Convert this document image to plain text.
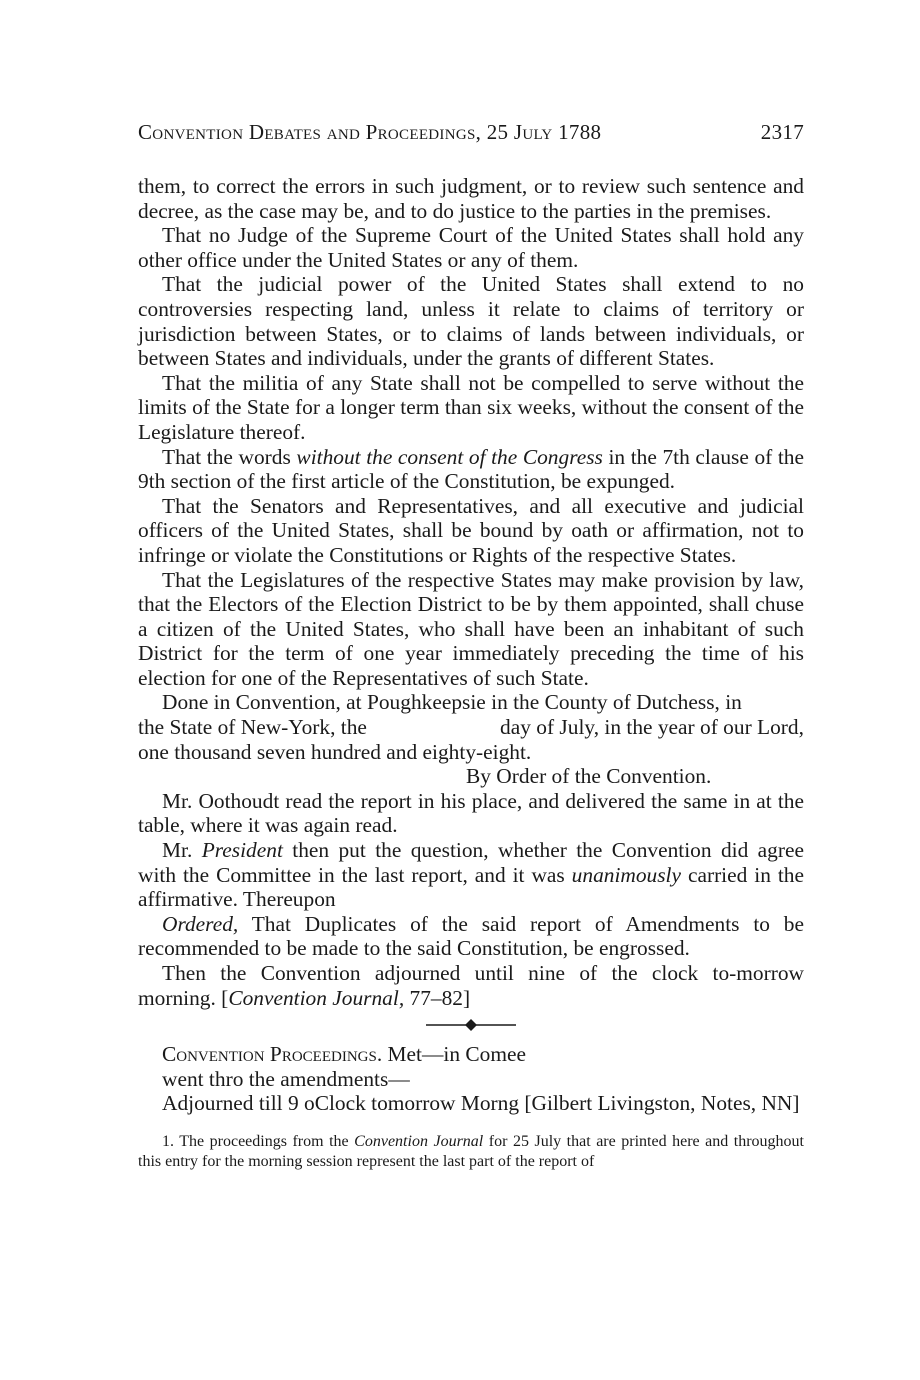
Convention Debates and Proceedings, 25 July 1788	2317

them, to correct the errors in such judgment, or to review such sentence and decree, as the case may be, and to do justice to the parties in the premises.

That no Judge of the Supreme Court of the United States shall hold any other office under the United States or any of them.

That the judicial power of the United States shall extend to no controversies respecting land, unless it relate to claims of territory or jurisdiction between States, or to claims of lands between individuals, or between States and individuals, under the grants of different States.

That the militia of any State shall not be compelled to serve without the limits of the State for a longer term than six weeks, without the consent of the Legislature thereof.

That the words without the consent of the Congress in the 7th clause of the 9th section of the first article of the Constitution, be expunged.

That the Senators and Representatives, and all executive and judicial officers of the United States, shall be bound by oath or affirmation, not to infringe or violate the Constitutions or Rights of the respective States.

That the Legislatures of the respective States may make provision by law, that the Electors of the Election District to be by them appointed, shall chuse a citizen of the United States, who shall have been an inhabitant of such District for the term of one year immediately preceding the time of his election for one of the Representatives of such State.

Done in Convention, at Poughkeepsie in the County of Dutchess, in

the State of New-York, the	day of July, in the year of our Lord,

one thousand seven hundred and eighty-eight.

By Order of the Convention.

Mr. Oothoudt read the report in his place, and delivered the same in at the table, where it was again read.

Mr. President then put the question, whether the Convention did agree with the Committee in the last report, and it was unanimously carried in the affirmative. Thereupon

Ordered, That Duplicates of the said report of Amendments to be recommended to be made to the said Constitution, be engrossed.

Then the Convention adjourned until nine of the clock to-morrow morning. [Convention Journal, 77–82]

Convention Proceedings. Met—in Comee

went thro the amendments—

Adjourned till 9 oClock tomorrow Morng [Gilbert Livingston, Notes, NN]

1. The proceedings from the Convention Journal for 25 July that are printed here and throughout this entry for the morning session represent the last part of the report of
